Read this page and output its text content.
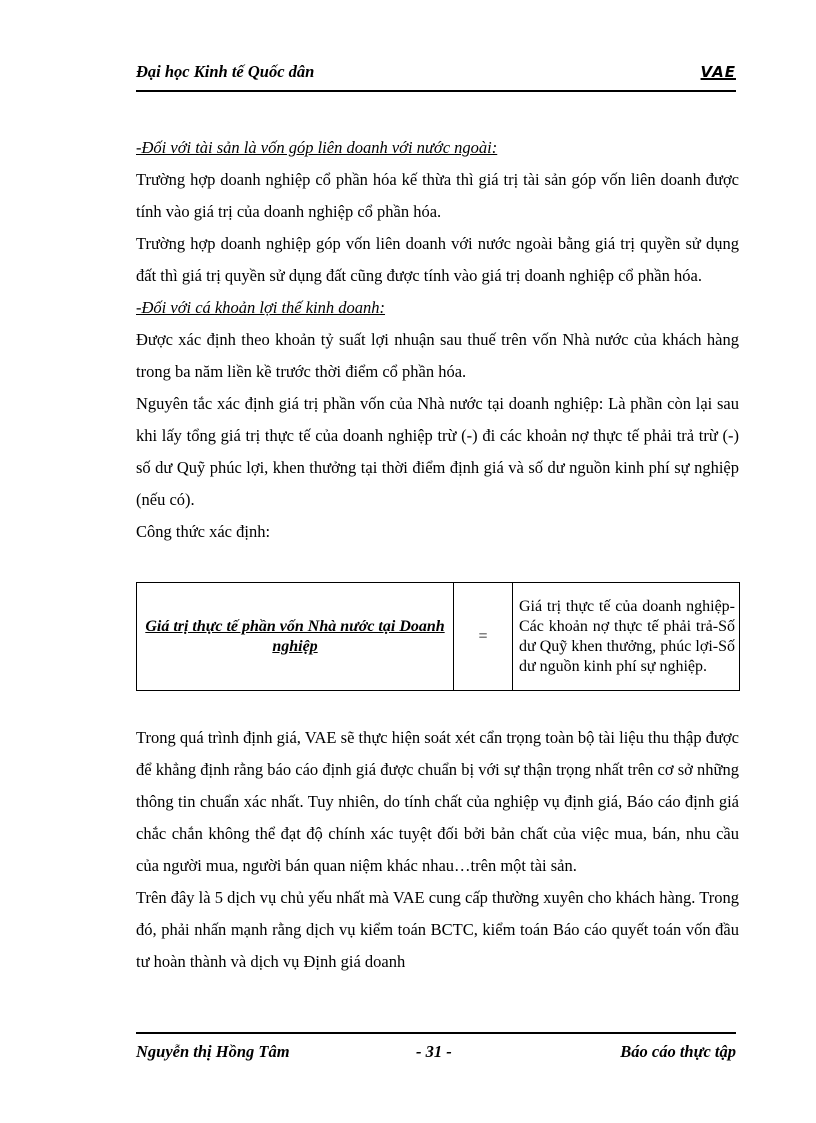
Đại học Kinh tế Quốc dân	VAE
-Đối với tài sản là vốn góp liên doanh với nước ngoài:

Trường hợp doanh nghiệp cổ phần hóa kế thừa thì giá trị tài sản góp vốn liên doanh được tính vào giá trị của doanh nghiệp cổ phần hóa.

Trường hợp doanh nghiệp góp vốn liên doanh với nước ngoài bằng giá trị quyền sử dụng đất thì giá trị quyền sử dụng đất cũng được tính vào giá trị doanh nghiệp cổ phần hóa.

-Đối với cá khoản lợi thế kinh doanh:

Được xác định theo khoản tỷ suất lợi nhuận sau thuế trên vốn Nhà nước của khách hàng trong ba năm liền kề trước thời điểm cổ phần hóa.

Nguyên tắc xác định giá trị phần vốn của Nhà nước tại doanh nghiệp: Là phần còn lại sau khi lấy tổng giá trị thực tế của doanh nghiệp trừ (-) đi các khoản nợ thực tế phải trả trừ (-) số dư Quỹ phúc lợi, khen thưởng tại thời điểm định giá và số dư nguồn kinh phí sự nghiệp (nếu có).

Công thức xác định:

Giá trị thực tế phần vốn Nhà nước tại Doanh nghiệp	=	Giá trị thực tế của doanh nghiệp-Các khoản nợ thực tế phải trả-Số dư Quỹ khen thưởng, phúc lợi-Số dư nguồn kinh phí sự nghiệp.

Trong quá trình định giá, VAE sẽ thực hiện soát xét cẩn trọng toàn bộ tài liệu thu thập được để khẳng định rằng báo cáo định giá được chuẩn bị với sự thận trọng nhất trên cơ sở những thông tin chuẩn xác nhất. Tuy nhiên, do tính chất của nghiệp vụ định giá, Báo cáo định giá chắc chắn không thể đạt độ chính xác tuyệt đối bởi bản chất của việc mua, bán, nhu cầu của người mua, người bán quan niệm khác nhau…trên một tài sản.

Trên đây là 5 dịch vụ chủ yếu nhất mà VAE cung cấp thường xuyên cho khách hàng. Trong đó, phải nhấn mạnh rằng dịch vụ kiểm toán BCTC, kiểm toán Báo cáo quyết toán vốn đầu tư hoàn thành và dịch vụ Định giá doanh

Nguyễn thị Hồng Tâm	- 31 -	Báo cáo thực tập
